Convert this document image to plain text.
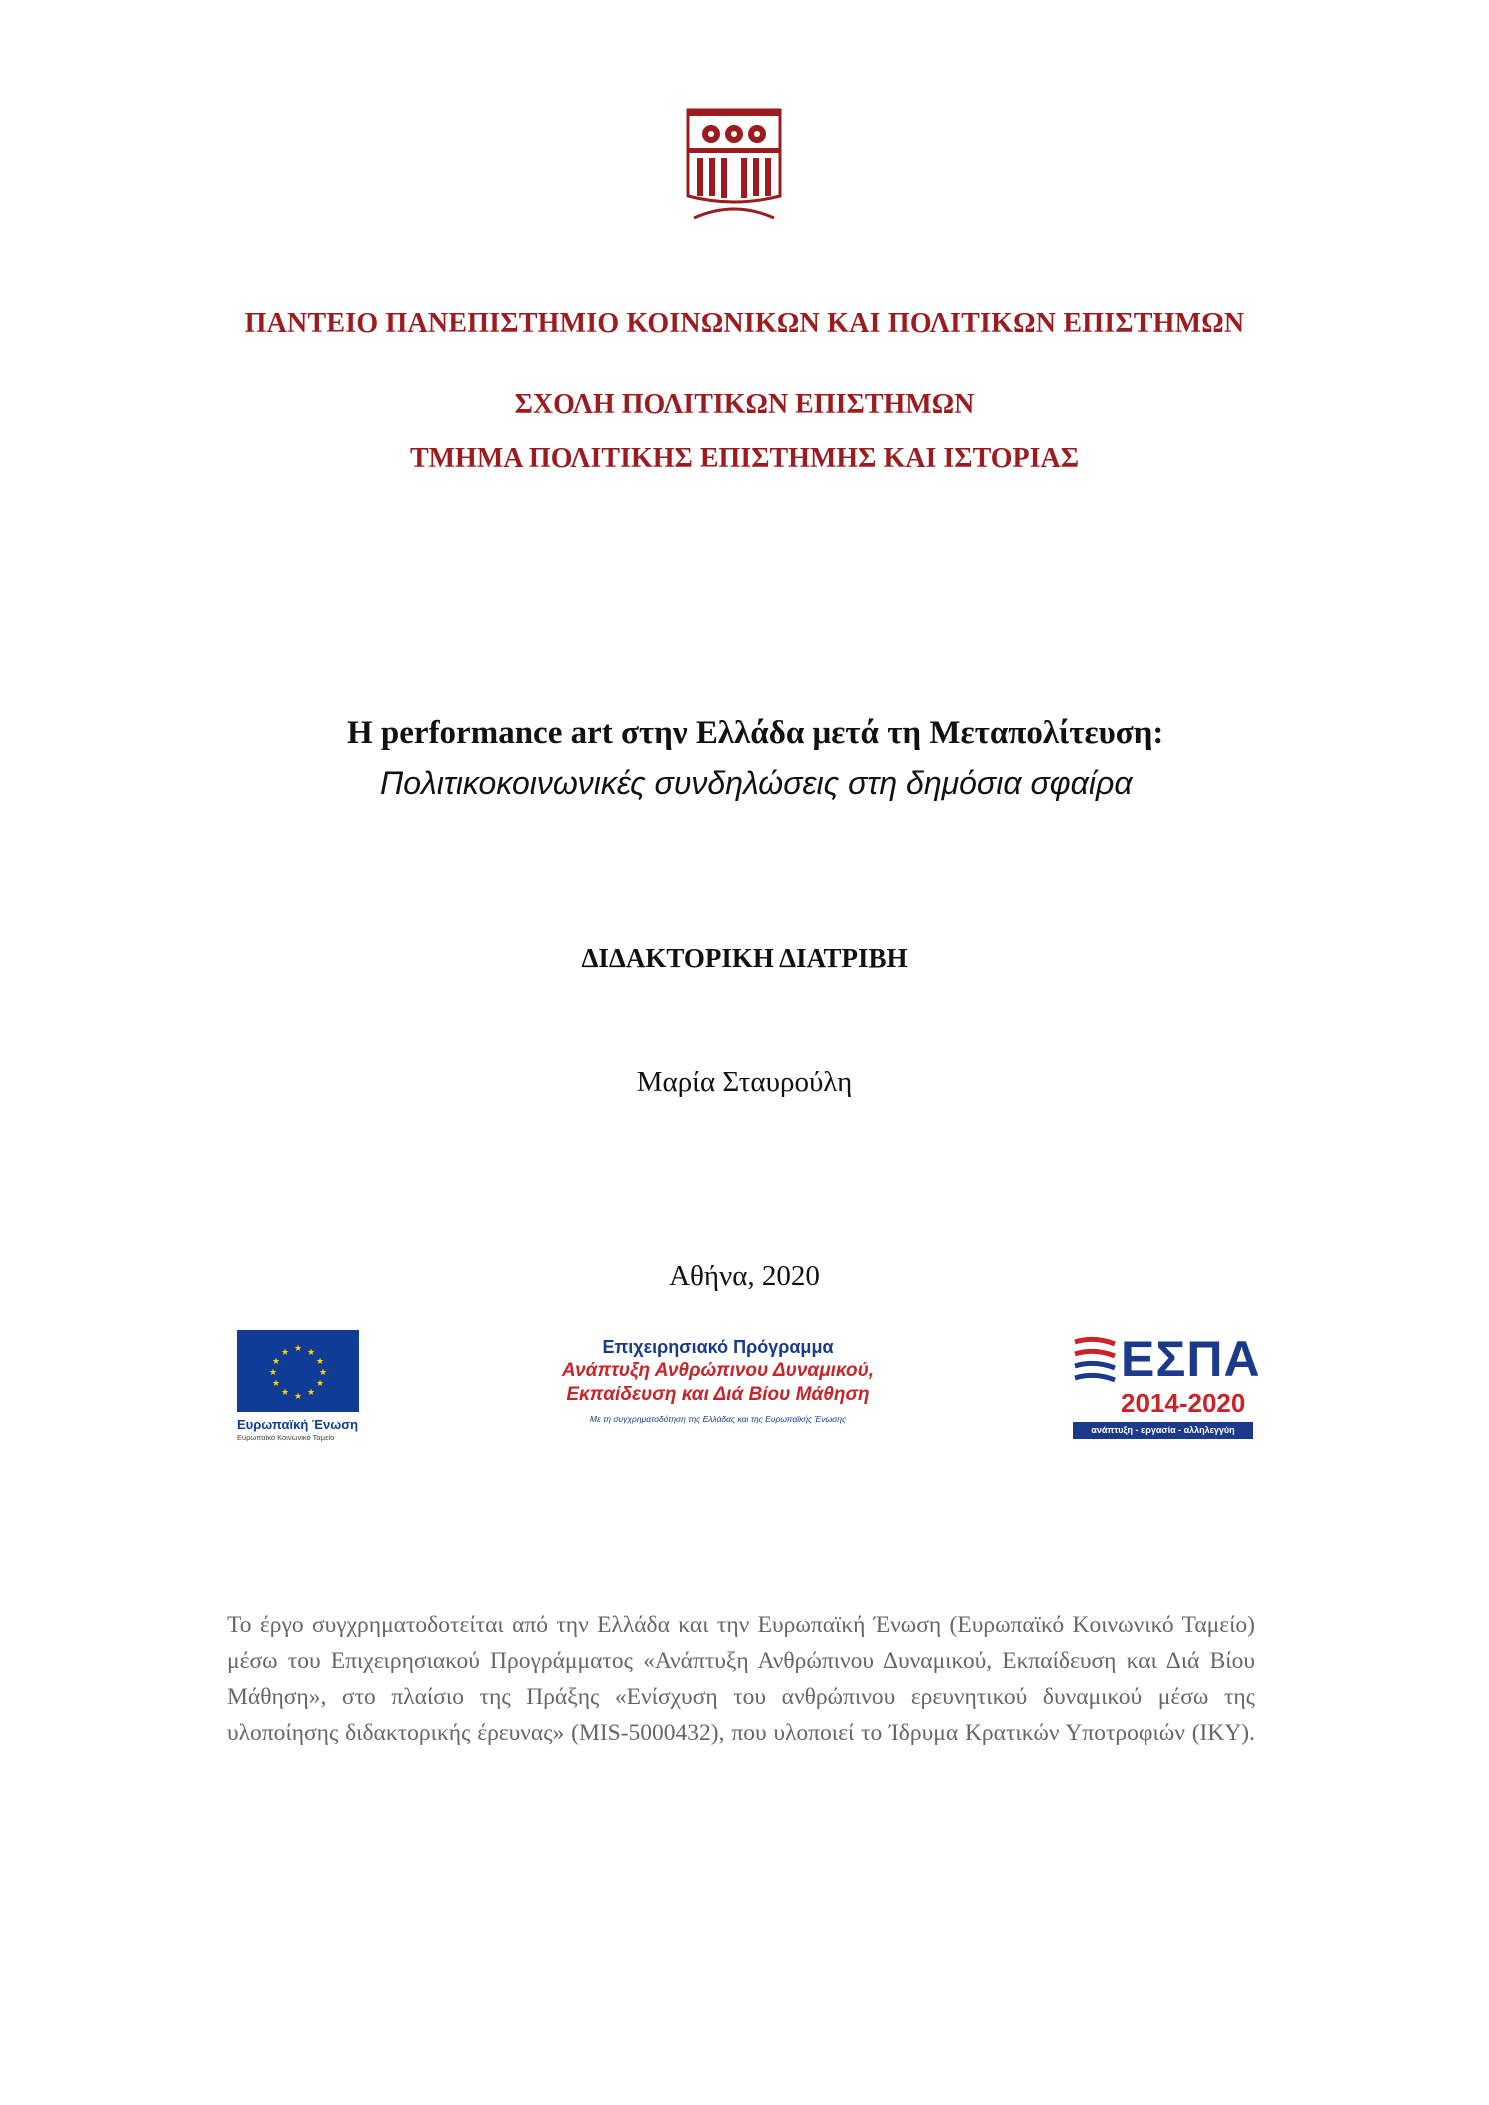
ΠΑΝΤΕΙΟ ΠΑΝΕΠΙΣΤΗΜΙΟ ΚΟΙΝΩΝΙΚΩΝ ΚΑΙ ΠΟΛΙΤΙΚΩΝ ΕΠΙΣΤΗΜΩΝ
ΣΧΟΛΗ ΠΟΛΙΤΙΚΩΝ ΕΠΙΣΤΗΜΩΝ
ΤΜΗΜΑ ΠΟΛΙΤΙΚΗΣ ΕΠΙΣΤΗΜΗΣ ΚΑΙ ΙΣΤΟΡΙΑΣ
Η performance art στην Ελλάδα μετά τη Μεταπολίτευση:
Πολιτικοκοινωνικές συνδηλώσεις στη δημόσια σφαίρα
ΔΙΔΑΚΤΟΡΙΚΗ ΔΙΑΤΡΙΒΗ
Μαρία Σταυρούλη
Αθήνα, 2020
★ ★
★
★
★
★
★
★
★
★
★
★
Ευρωπαϊκή Ένωση
Ευρωπαϊκό Κοινωνικό Ταμείο
Επιχειρησιακό Πρόγραμμα
Ανάπτυξη Ανθρώπινου Δυναμικού,
Εκπαίδευση και Διά Βίου Μάθηση
Με τη συγχρηματοδότηση της Ελλάδας και της Ευρωπαϊκής Ένωσης
ΕΣΠΑ
2014-2020
ανάπτυξη - εργασία - αλληλεγγύη
Το έργο συγχρηματοδοτείται από την Ελλάδα και την Ευρωπαϊκή Ένωση (Ευρωπαϊκό Κοινωνικό Ταμείο) μέσω του Επιχειρησιακού Προγράμματος «Ανάπτυξη Ανθρώπινου Δυναμικού, Εκπαίδευση και Διά Βίου Μάθηση», στο πλαίσιο της Πράξης «Ενίσχυση του ανθρώπινου ερευνητικού δυναμικού μέσω της υλοποίησης διδακτορικής έρευνας» (MIS-5000432), που υλοποιεί το Ίδρυμα Κρατικών Υποτροφιών (ΙΚΥ).
